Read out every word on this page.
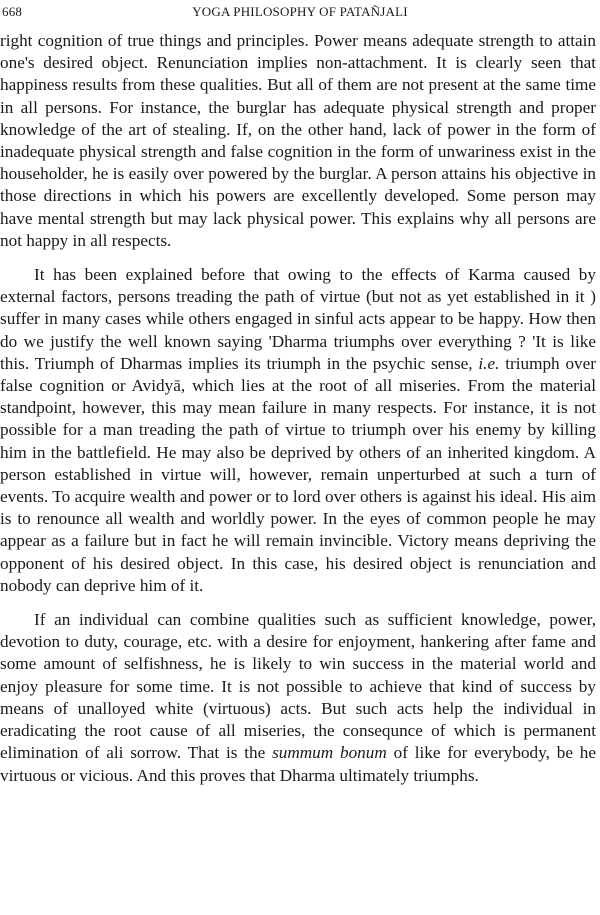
668	YOGA PHILOSOPHY OF PATAÑJALI

right cognition of true things and principles. Power means adequate strength to attain one's desired object. Renunciation implies non-attachment. It is clearly seen that happiness results from these qualities. But all of them are not present at the same time in all persons. For instance, the burglar has adequate physical strength and proper knowledge of the art of stealing. If, on the other hand, lack of power in the form of inadequate physical strength and false cognition in the form of unwariness exist in the householder, he is easily over powered by the burglar. A person attains his objective in those directions in which his powers are excellently developed. Some person may have mental strength but may lack physical power. This explains why all persons are not happy in all respects.

It has been explained before that owing to the effects of Karma caused by external factors, persons treading the path of virtue (but not as yet established in it ) suffer in many cases while others engaged in sinful acts appear to be happy. How then do we justify the well known saying 'Dharma triumphs over everything ? 'It is like this. Triumph of Dharmas implies its triumph in the psychic sense, i.e. triumph over false cognition or Avidyā, which lies at the root of all miseries. From the material standpoint, however, this may mean failure in many respects. For instance, it is not possible for a man treading the path of virtue to triumph over his enemy by killing him in the battlefield. He may also be deprived by others of an inherited kingdom. A person established in virtue will, however, remain unperturbed at such a turn of events. To acquire wealth and power or to lord over others is against his ideal. His aim is to renounce all wealth and worldly power. In the eyes of common people he may appear as a failure but in fact he will remain invincible. Victory means depriving the opponent of his desired object. In this case, his desired object is renunciation and nobody can deprive him of it.

If an individual can combine qualities such as sufficient knowledge, power, devotion to duty, courage, etc. with a desire for enjoyment, hankering after fame and some amount of selfishness, he is likely to win success in the material world and enjoy pleasure for some time. It is not possible to achieve that kind of success by means of unalloyed white (virtuous) acts. But such acts help the individual in eradicating the root cause of all miseries, the consequnce of which is permanent elimination of ali sorrow. That is the summum bonum of like for everybody, be he virtuous or vicious. And this proves that Dharma ultimately triumphs.
